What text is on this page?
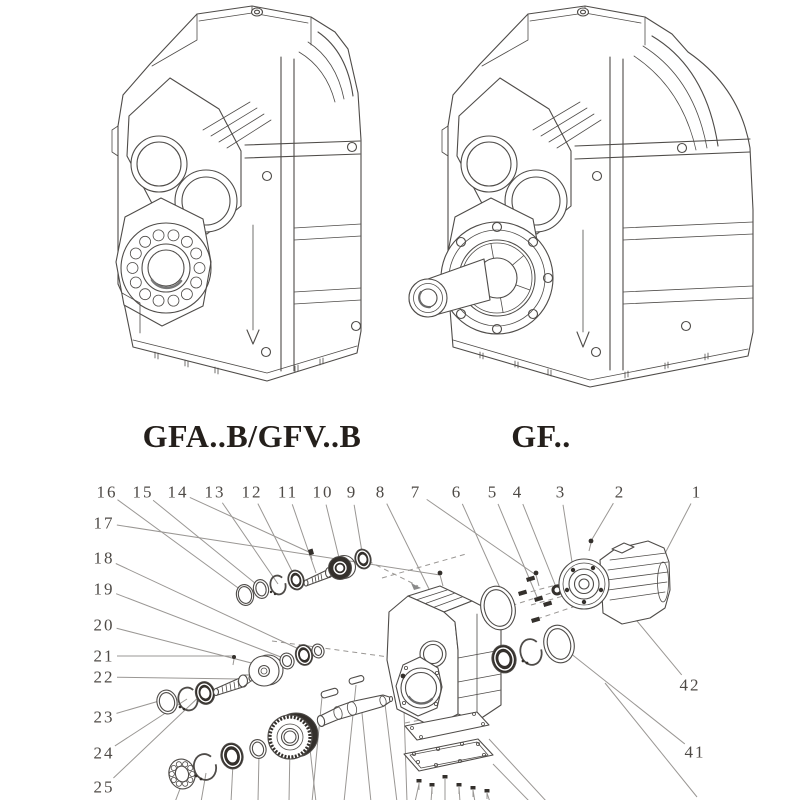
GFA..B/GFV..B	GF..
1
2
3
4
5
6
7
8
9
10
11
12
13
14
15
16
17
18
19
20
21
22
23
24
25
41
42
